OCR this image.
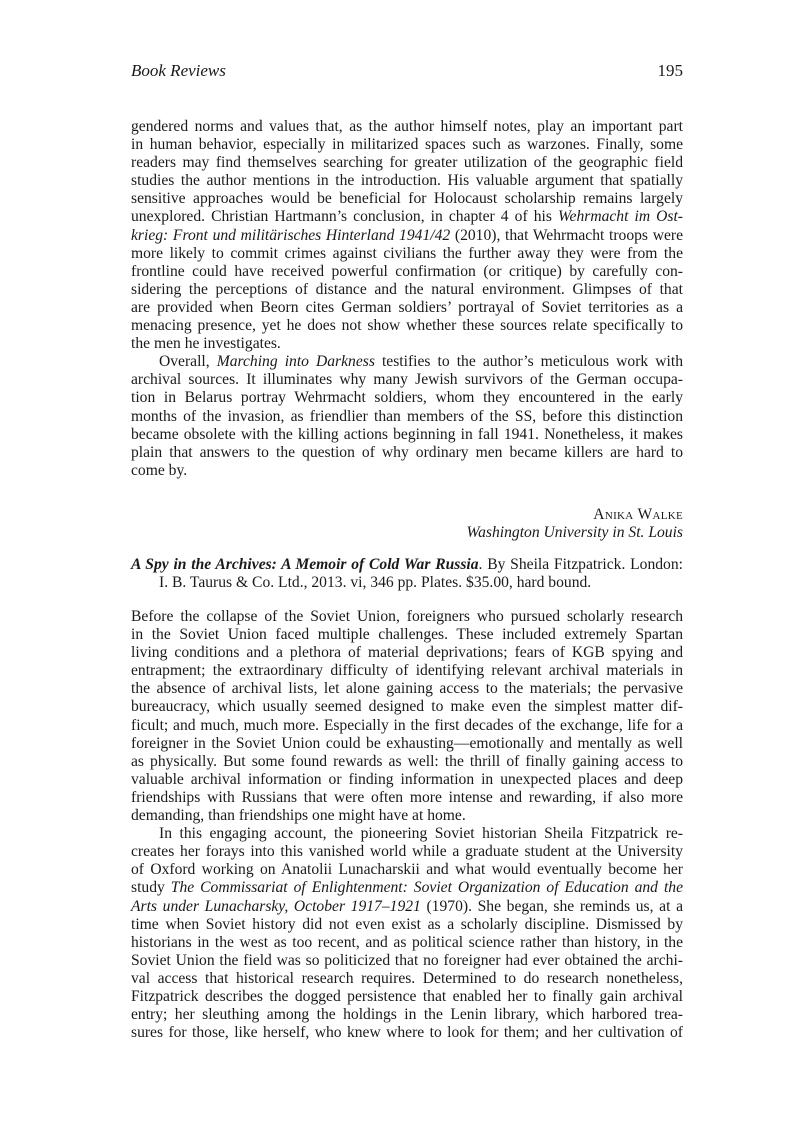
Book Reviews	195
gendered norms and values that, as the author himself notes, play an important part
in human behavior, especially in militarized spaces such as warzones. Finally, some
readers may find themselves searching for greater utilization of the geographic field
studies the author mentions in the introduction. His valuable argument that spatially
sensitive approaches would be beneficial for Holocaust scholarship remains largely
unexplored. Christian Hartmann’s conclusion, in chapter 4 of his Wehrmacht im Ost-
krieg: Front und militärisches Hinterland 1941/42 (2010), that Wehrmacht troops were
more likely to commit crimes against civilians the further away they were from the
frontline could have received powerful confirmation (or critique) by carefully con-
sidering the perceptions of distance and the natural environment. Glimpses of that
are provided when Beorn cites German soldiers’ portrayal of Soviet territories as a
menacing presence, yet he does not show whether these sources relate specifically to
the men he investigates.
Overall, Marching into Darkness testifies to the author’s meticulous work with
archival sources. It illuminates why many Jewish survivors of the German occupa-
tion in Belarus portray Wehrmacht soldiers, whom they encountered in the early
months of the invasion, as friendlier than members of the SS, before this distinction
became obsolete with the killing actions beginning in fall 1941. Nonetheless, it makes
plain that answers to the question of why ordinary men became killers are hard to
come by.
Anika Walke
Washington University in St. Louis
A Spy in the Archives: A Memoir of Cold War Russia. By Sheila Fitzpatrick. London:
I. B. Taurus & Co. Ltd., 2013. vi, 346 pp. Plates. $35.00, hard bound.
Before the collapse of the Soviet Union, foreigners who pursued scholarly research
in the Soviet Union faced multiple challenges. These included extremely Spartan
living conditions and a plethora of material deprivations; fears of KGB spying and
entrapment; the extraordinary difficulty of identifying relevant archival materials in
the absence of archival lists, let alone gaining access to the materials; the pervasive
bureaucracy, which usually seemed designed to make even the simplest matter dif-
ficult; and much, much more. Especially in the first decades of the exchange, life for a
foreigner in the Soviet Union could be exhausting—emotionally and mentally as well
as physically. But some found rewards as well: the thrill of finally gaining access to
valuable archival information or finding information in unexpected places and deep
friendships with Russians that were often more intense and rewarding, if also more
demanding, than friendships one might have at home.
In this engaging account, the pioneering Soviet historian Sheila Fitzpatrick re-
creates her forays into this vanished world while a graduate student at the University
of Oxford working on Anatolii Lunacharskii and what would eventually become her
study The Commissariat of Enlightenment: Soviet Organization of Education and the
Arts under Lunacharsky, October 1917–1921 (1970). She began, she reminds us, at a
time when Soviet history did not even exist as a scholarly discipline. Dismissed by
historians in the west as too recent, and as political science rather than history, in the
Soviet Union the field was so politicized that no foreigner had ever obtained the archi-
val access that historical research requires. Determined to do research nonetheless,
Fitzpatrick describes the dogged persistence that enabled her to finally gain archival
entry; her sleuthing among the holdings in the Lenin library, which harbored trea-
sures for those, like herself, who knew where to look for them; and her cultivation of
